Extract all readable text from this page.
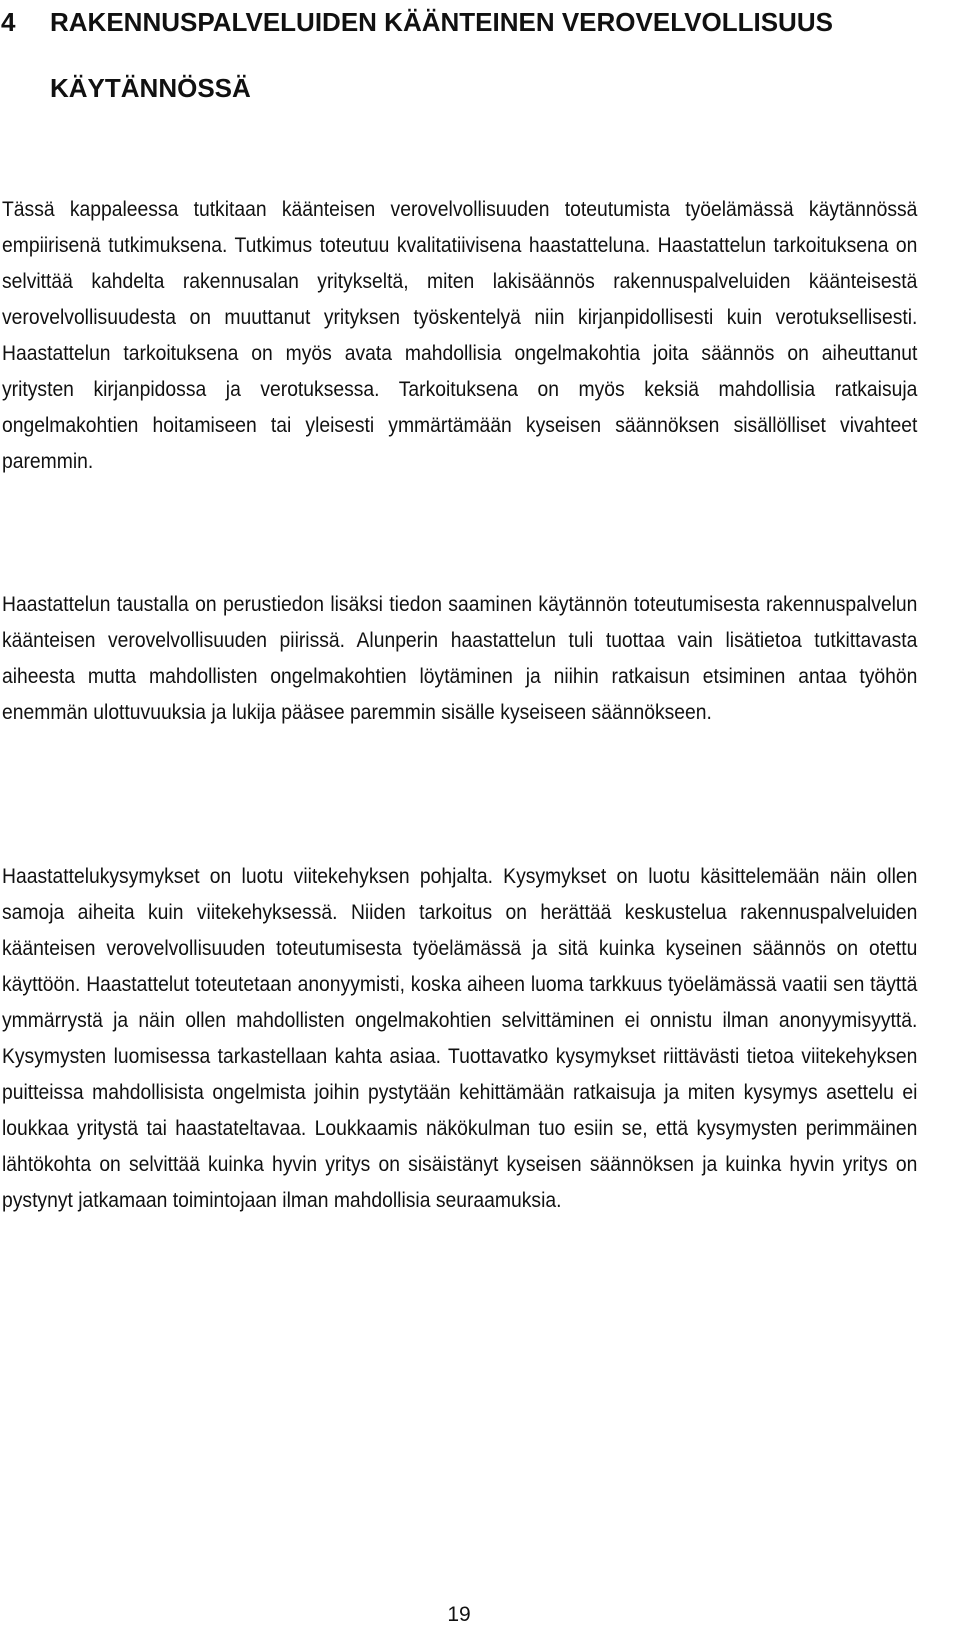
4 RAKENNUSPALVELUIDEN KÄÄNTEINEN VEROVELVOLLISUUS
KÄYTÄNNÖSSÄ

Tässä kappaleessa tutkitaan käänteisen verovelvollisuuden toteutumista työelämässä käytännössä empiirisenä tutkimuksena. Tutkimus toteutuu kvalitatiivisena haastatteluna. Haastattelun tarkoituksena on selvittää kahdelta rakennusalan yritykseltä, miten lakisäännös rakennuspalveluiden käänteisestä verovelvollisuudesta on muuttanut yrityksen työskentelyä niin kirjanpidollisesti kuin verotuksellisesti. Haastattelun tarkoituksena on myös avata mahdollisia ongelmakohtia joita säännös on aiheuttanut yritysten kirjanpidossa ja verotuksessa. Tarkoituksena on myös keksiä mahdollisia ratkaisuja ongelmakohtien hoitamiseen tai yleisesti ymmärtämään kyseisen säännöksen sisällölliset vivahteet paremmin.

Haastattelun taustalla on perustiedon lisäksi tiedon saaminen käytännön toteutumisesta rakennuspalvelun käänteisen verovelvollisuuden piirissä. Alunperin haastattelun tuli tuottaa vain lisätietoa tutkittavasta aiheesta mutta mahdollisten ongelmakohtien löytäminen ja niihin ratkaisun etsiminen antaa työhön enemmän ulottuvuuksia ja lukija pääsee paremmin sisälle kyseiseen säännökseen.

Haastattelukysymykset on luotu viitekehyksen pohjalta. Kysymykset on luotu käsittelemään näin ollen samoja aiheita kuin viitekehyksessä. Niiden tarkoitus on herättää keskustelua rakennuspalveluiden käänteisen verovelvollisuuden toteutumisesta työelämässä ja sitä kuinka kyseinen säännös on otettu käyttöön. Haastattelut toteutetaan anonyymisti, koska aiheen luoma tarkkuus työelämässä vaatii sen täyttä ymmärrystä ja näin ollen mahdollisten ongelmakohtien selvittäminen ei onnistu ilman anonyymisyyttä. Kysymysten luomisessa tarkastellaan kahta asiaa. Tuottavatko kysymykset riittävästi tietoa viitekehyksen puitteissa mahdollisista ongelmista joihin pystytään kehittämään ratkaisuja ja miten kysymys asettelu ei loukkaa yritystä tai haastateltavaa. Loukkaamis näkökulman tuo esiin se, että kysymysten perimmäinen lähtökohta on selvittää kuinka hyvin yritys on sisäistänyt kyseisen säännöksen ja kuinka hyvin yritys on pystynyt jatkamaan toimintojaan ilman mahdollisia seuraamuksia.

19
